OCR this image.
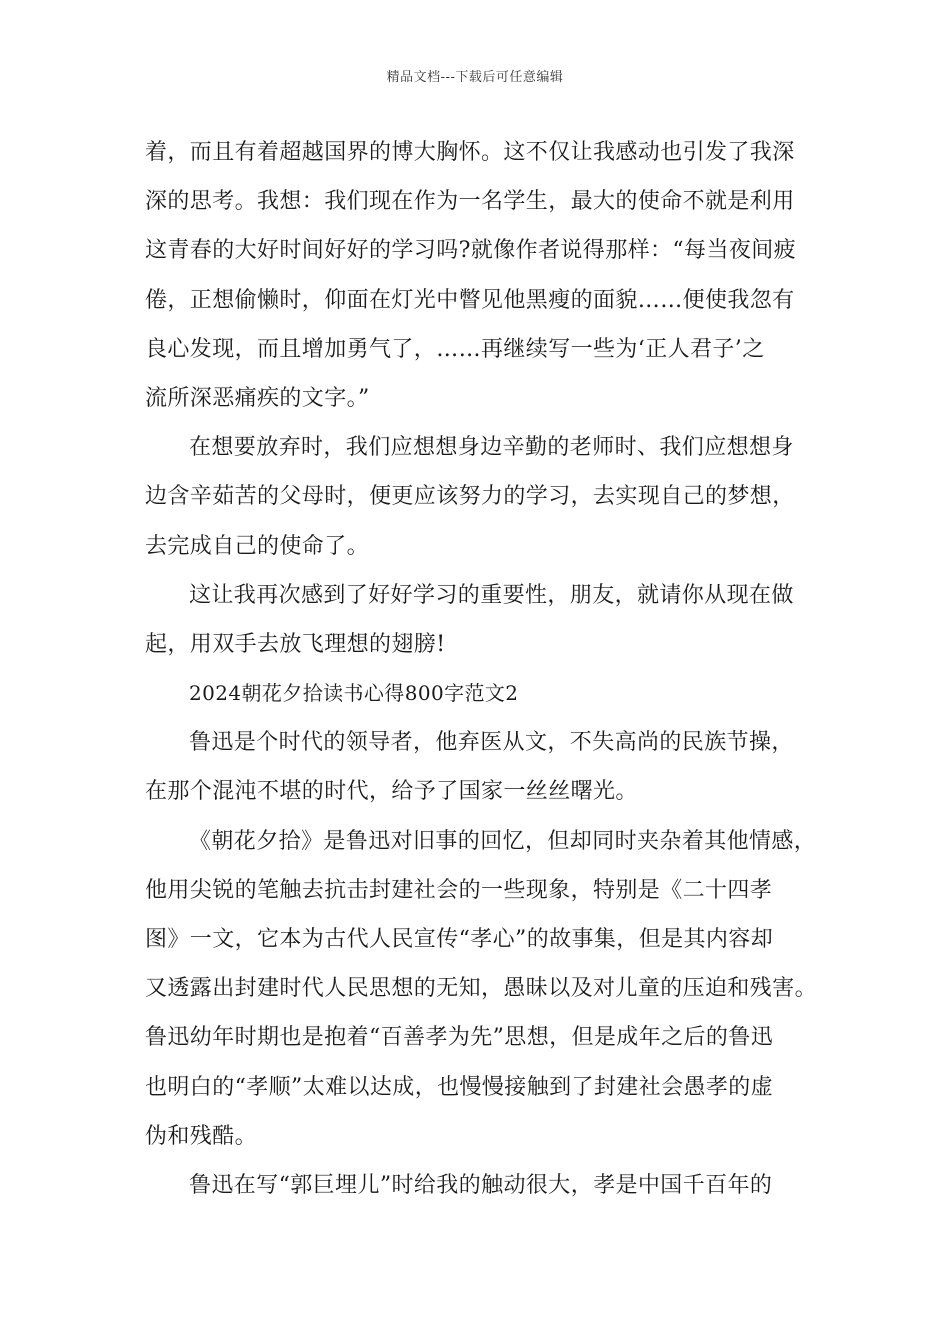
精品文档---下载后可任意编辑
着，而且有着超越国界的博大胸怀。这不仅让我感动也引发了我深
深的思考。我想：我们现在作为一名学生，最大的使命不就是利用
这青春的大好时间好好的学习吗?就像作者说得那样：“每当夜间疲
倦，正想偷懒时，仰面在灯光中瞥见他黑瘦的面貌……便使我忽有
良心发现，而且增加勇气了，……再继续写一些为‘正人君子’之
流所深恶痛疾的文字。”
在想要放弃时，我们应想想身边辛勤的老师时、我们应想想身
边含辛茹苦的父母时，便更应该努力的学习，去实现自己的梦想，
去完成自己的使命了。
这让我再次感到了好好学习的重要性，朋友，就请你从现在做
起，用双手去放飞理想的翅膀!
2024朝花夕拾读书心得800字范文2
鲁迅是个时代的领导者，他弃医从文，不失高尚的民族节操，
在那个混沌不堪的时代，给予了国家一丝丝曙光。
《朝花夕拾》是鲁迅对旧事的回忆，但却同时夹杂着其他情感，
他用尖锐的笔触去抗击封建社会的一些现象，特别是《二十四孝
图》一文，它本为古代人民宣传“孝心”的故事集，但是其内容却
又透露出封建时代人民思想的无知，愚昧以及对儿童的压迫和残害。
鲁迅幼年时期也是抱着“百善孝为先”思想，但是成年之后的鲁迅
也明白的“孝顺”太难以达成，也慢慢接触到了封建社会愚孝的虚
伪和残酷。
鲁迅在写“郭巨埋儿”时给我的触动很大，孝是中国千百年的
